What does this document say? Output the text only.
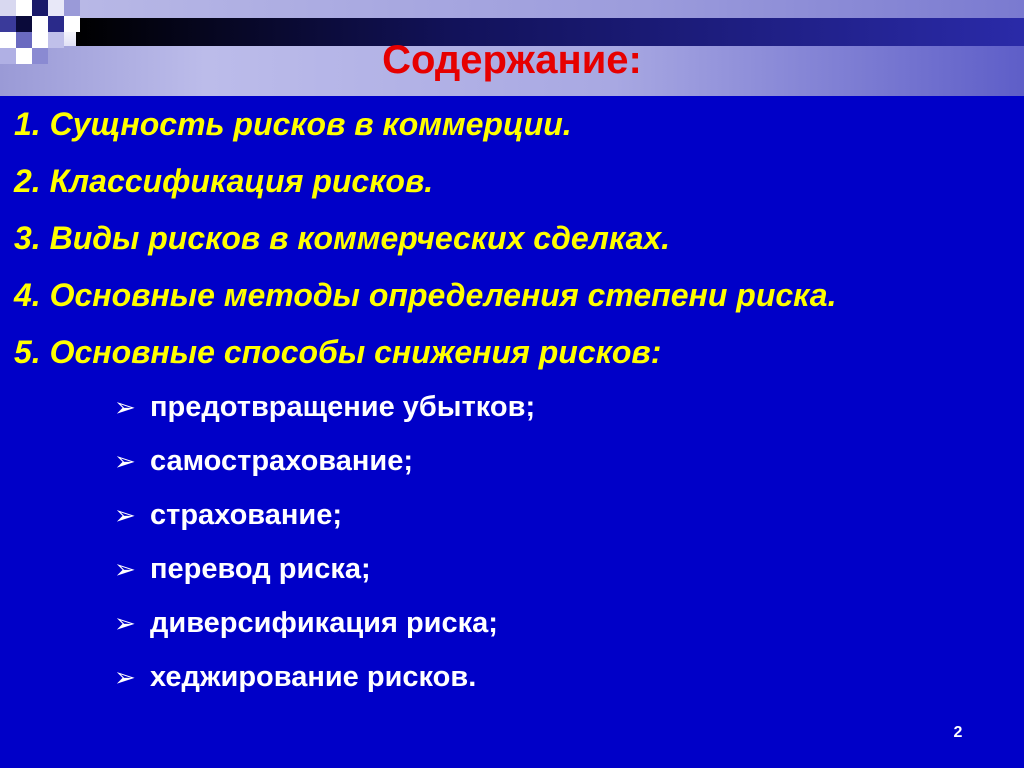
Содержание:
1. Сущность рисков в коммерции.
2. Классификация рисков.
3. Виды рисков в коммерческих сделках.
4. Основные методы определения степени риска.
5. Основные способы снижения рисков:
➢ предотвращение убытков;
➢ самострахование;
➢ страхование;
➢ перевод риска;
➢ диверсификация риска;
➢ хеджирование рисков.
2
